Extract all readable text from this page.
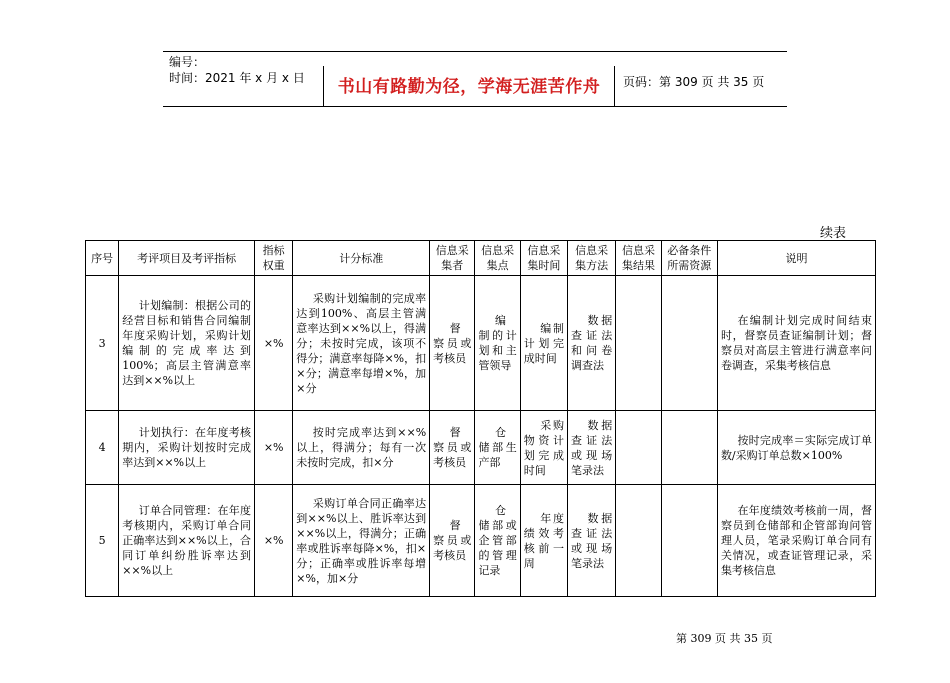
编号：
时间：2021 年 x 月 x 日	书山有路勤为径，学海无涯苦作舟	页码：第 309 页 共 35 页
续表
序号	考评项目及考评指标	指标权重	计分标准	信息采集者	信息采集点	信息采集时间	信息采集方法	信息采集结果	必备条件所需资源	说明
3	计划编制：根据公司的经营目标和销售合同编制年度采购计划，采购计划编制的完成率达到100%；高层主管满意率达到××%以上	×%	采购计划编制的完成率达到100%、高层主管满意率达到××%以上，得满分；未按时完成，该项不得分；满意率每降×%，扣×分；满意率每增×%，加×分	督察员或考核员	编制的计划和主管领导	编制计划完成时间	数据查证法和问卷调查法			在编制计划完成时间结束时，督察员查证编制计划；督察员对高层主管进行满意率问卷调查，采集考核信息
4	计划执行：在年度考核期内，采购计划按时完成率达到××%以上	×%	按时完成率达到××%以上，得满分；每有一次未按时完成，扣×分	督察员或考核员	仓储部生产部	采购物资计划完成时间	数据查证法或现场笔录法			按时完成率＝实际完成订单数/采购订单总数×100%
5	订单合同管理：在年度考核期内，采购订单合同正确率达到××%以上，合同订单纠纷胜诉率达到××%以上	×%	采购订单合同正确率达到××%以上、胜诉率达到××%以上，得满分；正确率或胜诉率每降×%，扣×分；正确率或胜诉率每增×%，加×分	督察员或考核员	仓储部或企管部的管理记录	年度绩效考核前一周	数据查证法或现场笔录法			在年度绩效考核前一周，督察员到仓储部和企管部询问管理人员，笔录采购订单合同有关情况，或查证管理记录，采集考核信息
第 309 页 共 35 页
